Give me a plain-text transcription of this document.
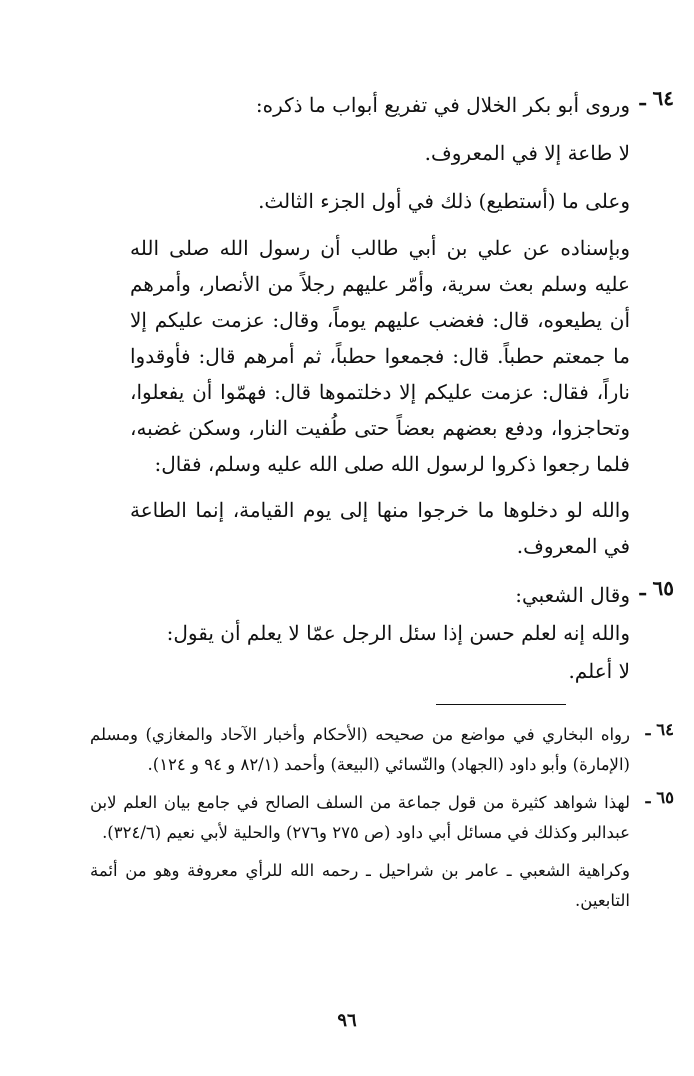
٦٤ ـ
وروى أبو بكر الخلال في تفريع أبواب ما ذكره:
لا طاعة إلا في المعروف.
وعلى ما (أستطيع) ذلك في أول الجزء الثالث.
وبإسناده عن علي بن أبي طالب أن رسول الله صلى الله عليه وسلم بعث سرية، وأمّر عليهم رجلاً من الأنصار، وأمرهم أن يطيعوه، قال: فغضب عليهم يوماً، وقال: عزمت عليكم إلا ما جمعتم حطباً. قال: فجمعوا حطباً، ثم أمرهم قال: فأوقدوا ناراً، فقال: عزمت عليكم إلا دخلتموها قال: فهمّوا أن يفعلوا، وتحاجزوا، ودفع بعضهم بعضاً حتى طُفيت النار، وسكن غضبه، فلما رجعوا ذكروا لرسول الله صلى الله عليه وسلم، فقال:
والله لو دخلوها ما خرجوا منها إلى يوم القيامة، إنما الطاعة في المعروف.
٦٥ ـ
وقال الشعبي:
والله إنه لعلم حسن إذا سئل الرجل عمّا لا يعلم أن يقول:
لا أعلم.
٦٤ ـ
رواه البخاري في مواضع من صحيحه (الأحكام وأخبار الآحاد والمغازي) ومسلم (الإمارة) وأبو داود (الجهاد) والنّسائي (البيعة) وأحمد (٨٢/١ و ٩٤ و ١٢٤).
٦٥ ـ
لهذا شواهد كثيرة من قول جماعة من السلف الصالح في جامع بيان العلم لابن عبدالبر وكذلك في مسائل أبي داود (ص ٢٧٥ و٢٧٦) والحلية لأبي نعيم (٣٢٤/٦).
وكراهية الشعبي ـ عامر بن شراحيل ـ رحمه الله للرأي معروفة وهو من أئمة التابعين.
٩٦
